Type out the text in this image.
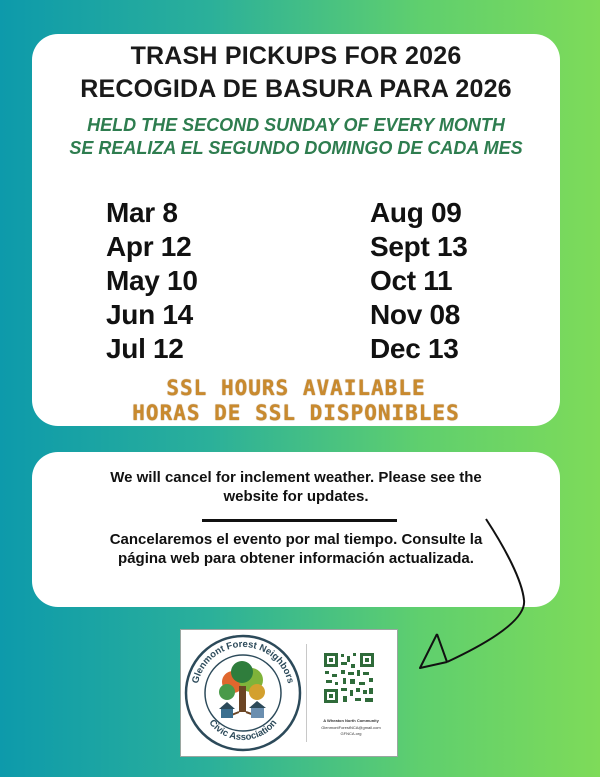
TRASH PICKUPS FOR 2026
RECOGIDA DE BASURA PARA 2026
HELD THE SECOND SUNDAY OF EVERY MONTH
SE REALIZA EL SEGUNDO DOMINGO DE CADA MES
Mar 8
Apr 12
May 10
Jun 14
Jul 12
Aug 09
Sept 13
Oct 11
Nov 08
Dec 13
SSL HOURS AVAILABLE
HORAS DE SSL DISPONIBLES
We will cancel for inclement weather. Please see the website for updates.
Cancelaremos el evento por mal tiempo. Consulte la página web para obtener información actualizada.
Glenmont Forest Neighbors
Civic Association	A Wheaton North Community
GlenmontForestNCA@gmail.com
GFNCA.org
